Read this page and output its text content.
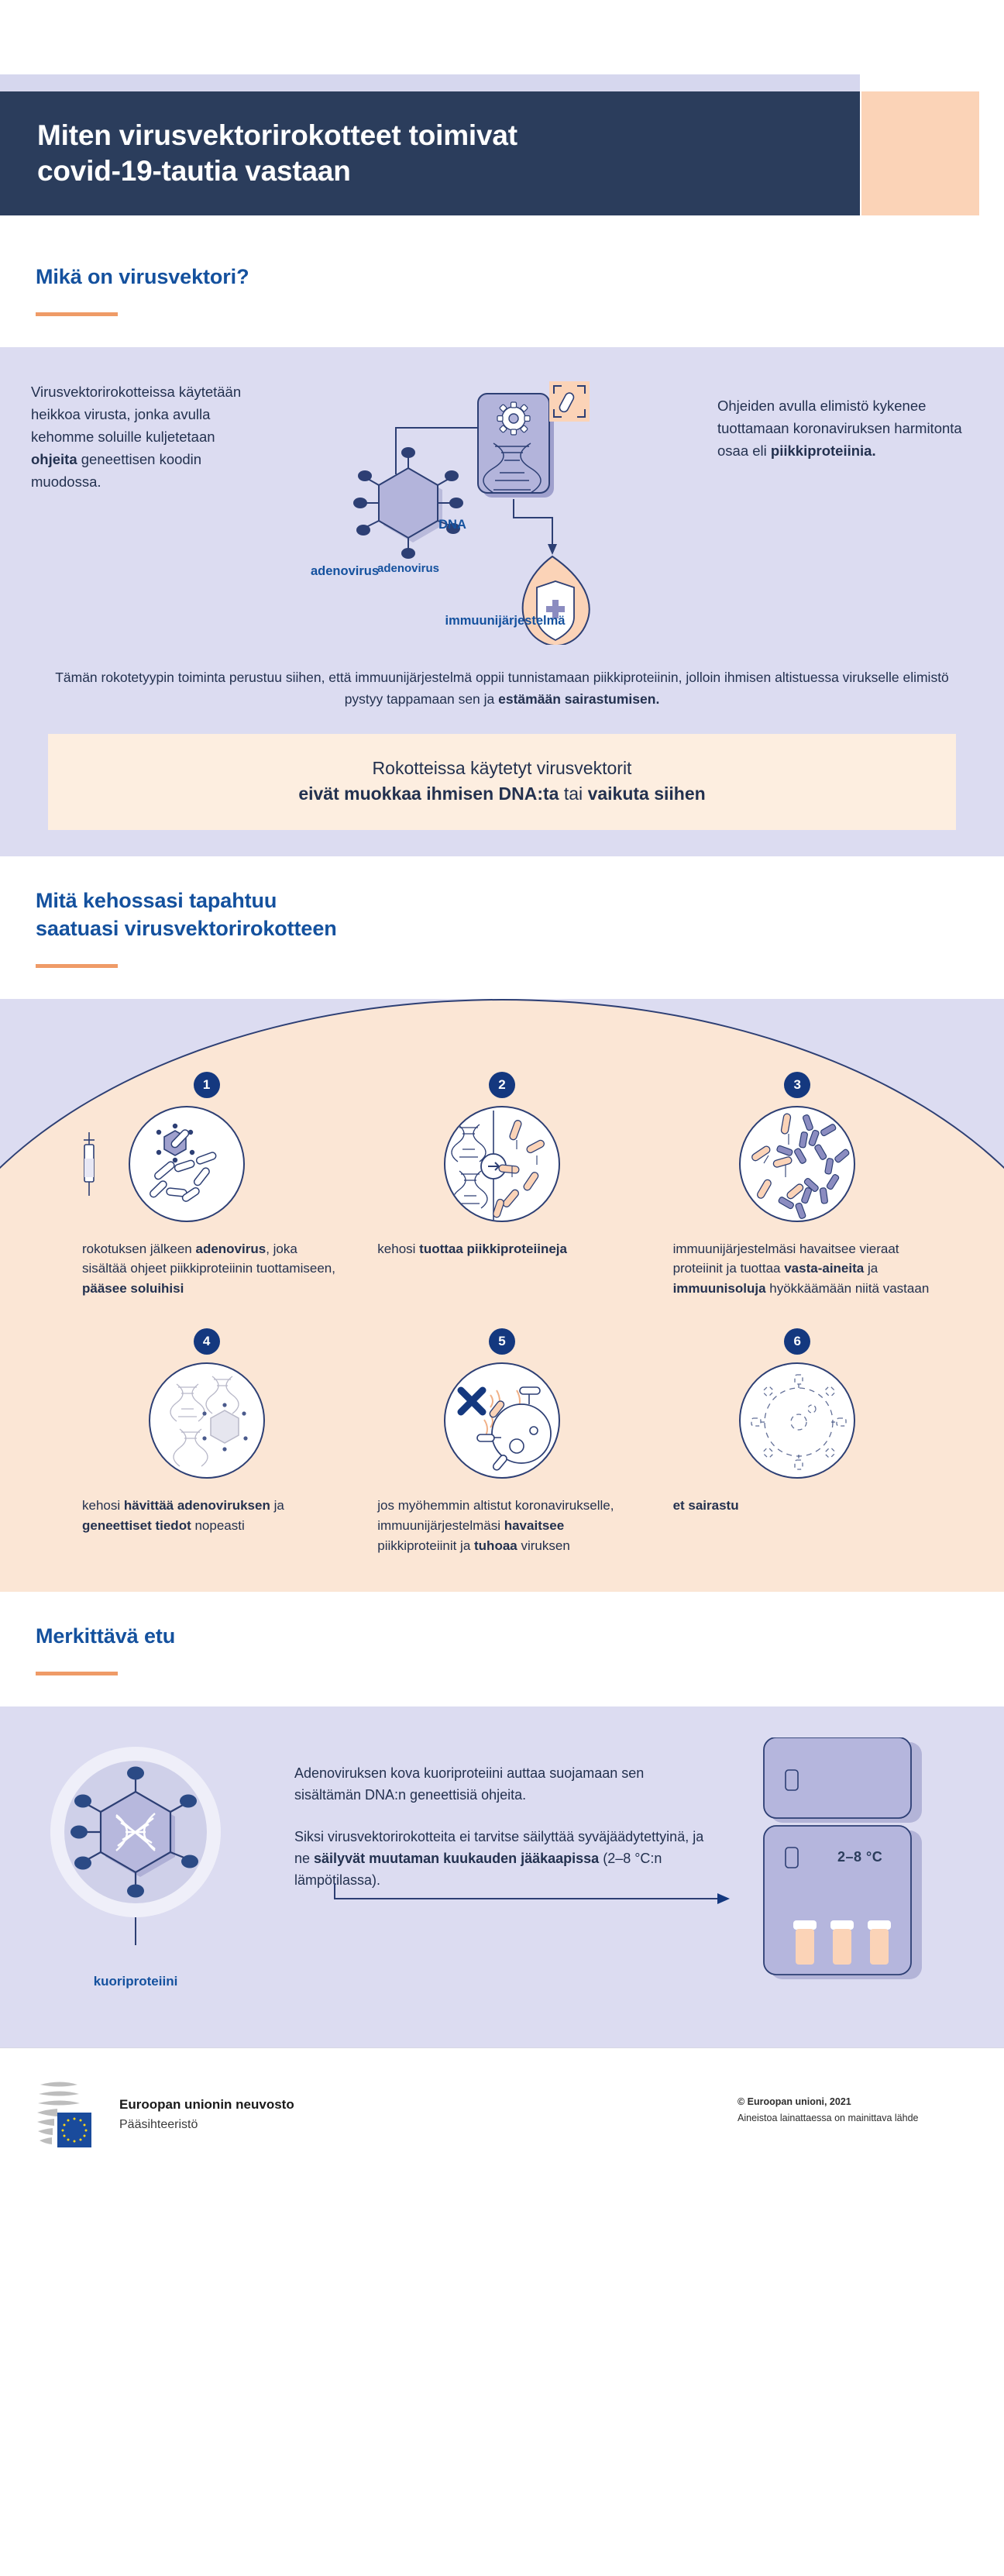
Miten virusvektorirokotteet toimivat
covid-19-tautia vastaan
Mikä on virusvektori?
Virusvektorirokotteissa käytetään heikkoa virusta, jonka avulla kehomme soluille kuljetetaan ohjeita geneettisen koodin muodossa.
adenovirus
DNA
immuunijärjestelmä
adenovirus
Ohjeiden avulla elimistö kykenee tuottamaan koronaviruksen harmitonta osaa eli piikkiproteiinia.
Tämän rokotetyypin toiminta perustuu siihen, että immuunijärjestelmä oppii tunnistamaan piikkiproteiinin, jolloin ihmisen altistuessa virukselle elimistö pystyy tappamaan sen ja estämään sairastumisen.
Rokotteissa käytetyt virusvektorit
eivät muokkaa ihmisen DNA:ta tai vaikuta siihen
Mitä kehossasi tapahtuu
saatuasi virusvektorirokotteen
1
rokotuksen jälkeen adenovirus, joka sisältää ohjeet piikkiproteiinin tuottamiseen, pääsee soluihisi
2
kehosi tuottaa piikkiproteiineja
3
immuunijärjestelmäsi havaitsee vieraat proteiinit ja tuottaa vasta-aineita ja immuunisoluja hyökkäämään niitä vastaan
4
kehosi hävittää adenoviruksen ja geneettiset tiedot nopeasti
5
jos myöhemmin altistut koronavirukselle, immuunijärjestelmäsi havaitsee piikkiproteiinit ja tuhoaa viruksen
6
et sairastu
Merkittävä etu
kuoriproteiini

Adenoviruksen kova kuoriproteiini auttaa suojamaan sen sisältämän DNA:n geneettisiä ohjeita.

Siksi virusvektorirokotteita ei tarvitse säilyttää syväjäädytettyinä, ja ne säilyvät muutaman kuukauden jääkaapissa (2–8 °C:n lämpötilassa).

2–8 °C
Euroopan unionin neuvosto
Pääsihteeristö
© Euroopan unioni, 2021
Aineistoa lainattaessa on mainittava lähde
